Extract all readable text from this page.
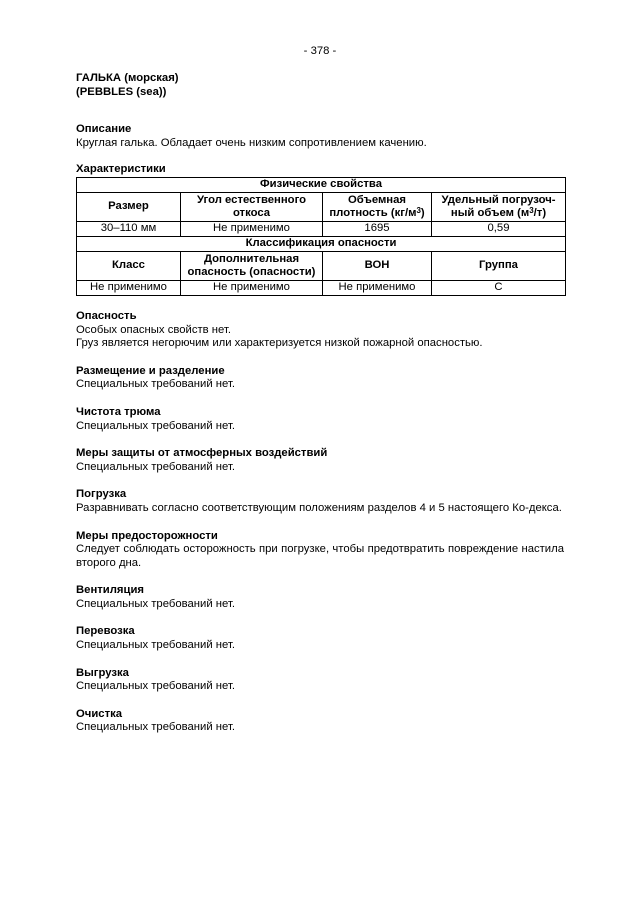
- 378 -

ГАЛЬКА (морская)

(PEBBLES (sea))

Описание

Круглая галька. Обладает очень низким сопротивлением качению.

Характеристики

Физические свойства			
Размер	Угол естественного откоса	Объемная плотность $(кг/м^3)$	Удельный погрузоч-ный объем $(м^3/т)$
30–110 мм	Не применимо	1695	0,59
Классификация опасности			
Класс	Дополнительная опасность (опасности)	ВОН	Группа
Не применимо	Не применимо	Не применимо	С

Опасность

Особых опасных свойств нет.

Груз является негорючим или характеризуется низкой пожарной опасностью.

Размещение и разделение

Специальных требований нет.

Чистота трюма

Специальных требований нет.

Меры защиты от атмосферных воздействий

Специальных требований нет.

Погрузка

Разравнивать согласно соответствующим положениям разделов 4 и 5 настоящего Ко-декса.

Меры предосторожности

Следует соблюдать осторожность при погрузке, чтобы предотвратить повреждение настила второго дна.

Вентиляция

Специальных требований нет.

Перевозка

Специальных требований нет.

Выгрузка

Специальных требований нет.

Очистка

Специальных требований нет.
